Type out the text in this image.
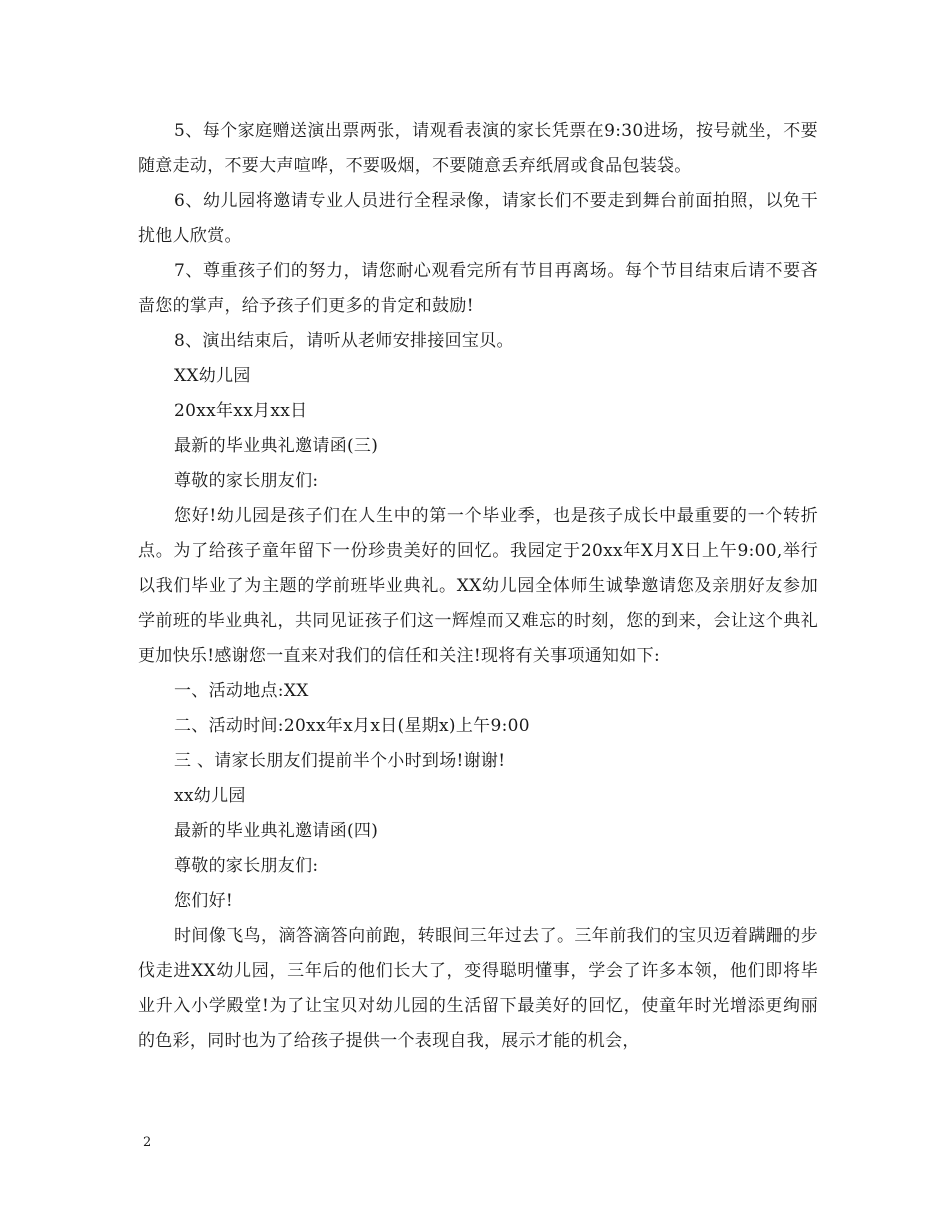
5、每个家庭赠送演出票两张，请观看表演的家长凭票在9:30进场，按号就坐，不要随意走动，不要大声喧哗，不要吸烟，不要随意丢弃纸屑或食品包装袋。

6、幼儿园将邀请专业人员进行全程录像，请家长们不要走到舞台前面拍照，以免干扰他人欣赏。

7、尊重孩子们的努力，请您耐心观看完所有节目再离场。每个节目结束后请不要吝啬您的掌声，给予孩子们更多的肯定和鼓励!

8、演出结束后，请听从老师安排接回宝贝。

XX幼儿园

20xx年xx月xx日

最新的毕业典礼邀请函(三)

尊敬的家长朋友们:

您好!幼儿园是孩子们在人生中的第一个毕业季，也是孩子成长中最重要的一个转折点。为了给孩子童年留下一份珍贵美好的回忆。我园定于20xx年X月X日上午9:00,举行以我们毕业了为主题的学前班毕业典礼。XX幼儿园全体师生诚挚邀请您及亲朋好友参加学前班的毕业典礼，共同见证孩子们这一辉煌而又难忘的时刻，您的到来，会让这个典礼更加快乐!感谢您一直来对我们的信任和关注!现将有关事项通知如下:

一、活动地点:XX

二、活动时间:20xx年x月x日(星期x)上午9:00

三 、请家长朋友们提前半个小时到场!谢谢!

xx幼儿园

最新的毕业典礼邀请函(四)

尊敬的家长朋友们:

您们好!

时间像飞鸟，滴答滴答向前跑，转眼间三年过去了。三年前我们的宝贝迈着蹒跚的步伐走进XX幼儿园，三年后的他们长大了，变得聪明懂事，学会了许多本领，他们即将毕业升入小学殿堂!为了让宝贝对幼儿园的生活留下最美好的回忆，使童年时光增添更绚丽的色彩，同时也为了给孩子提供一个表现自我，展示才能的机会，

2
